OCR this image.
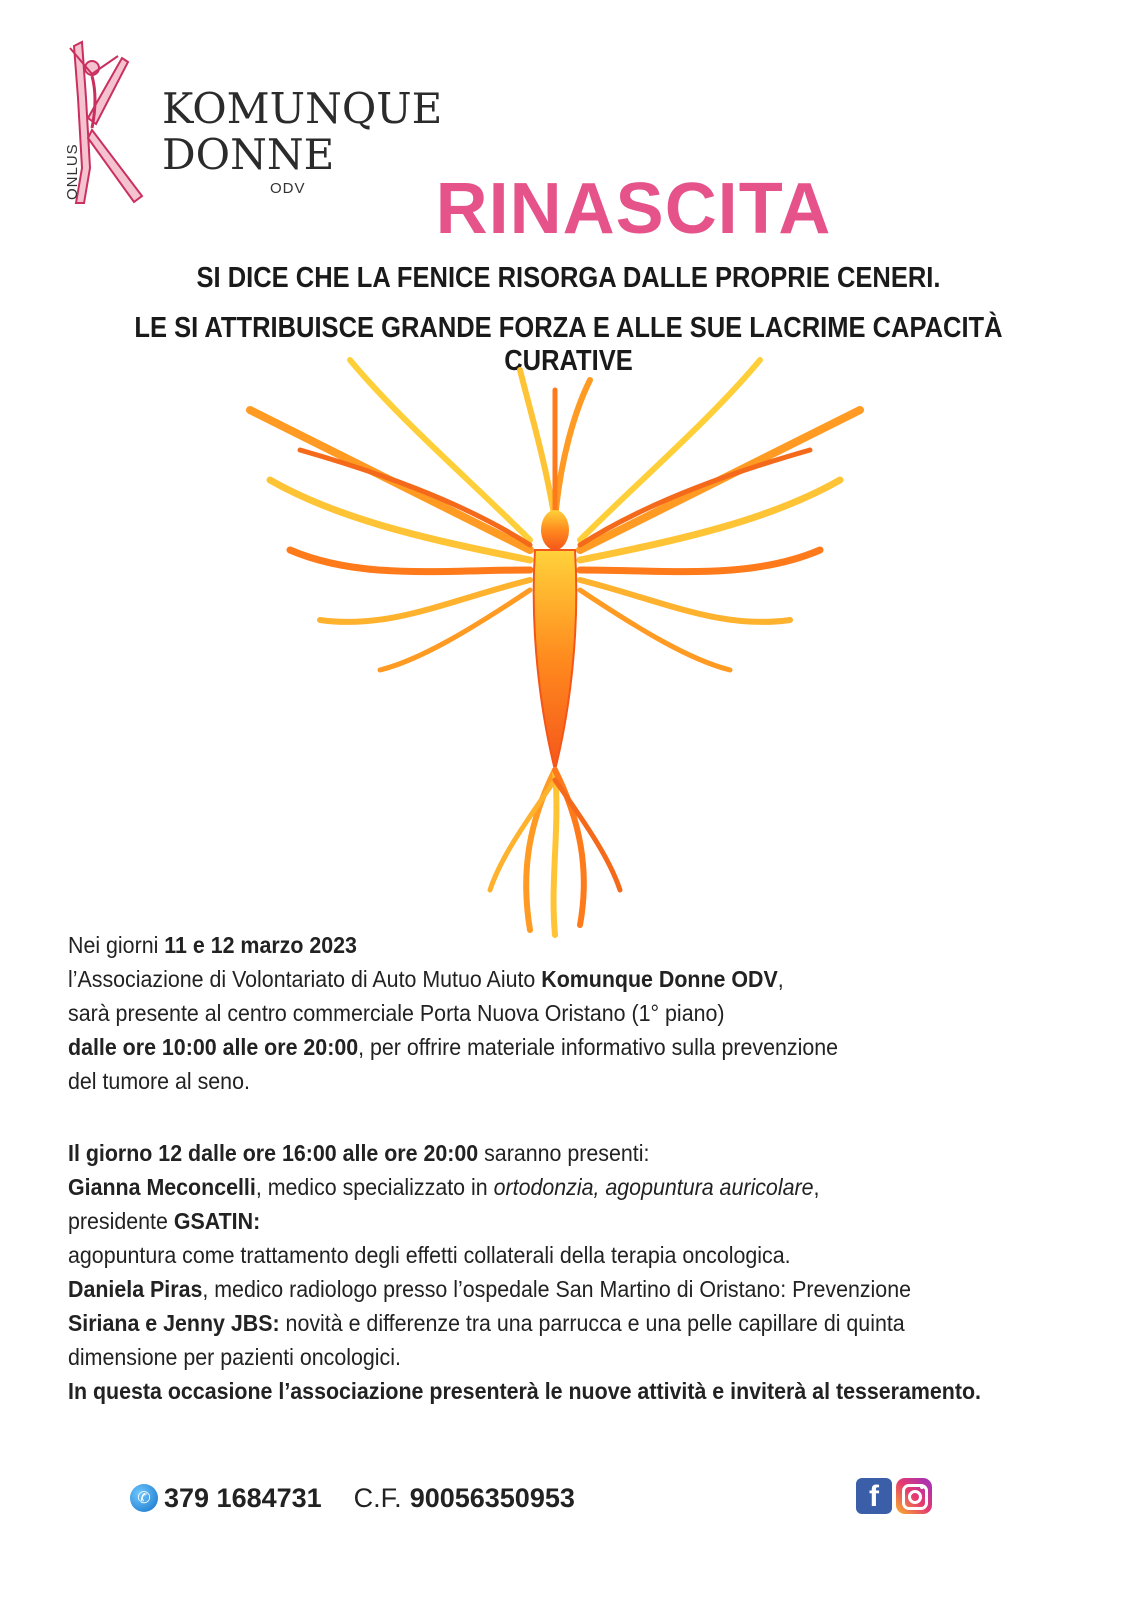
KOMUNQUE
DONNE
ODV
ONLUS	RINASCITA
SI DICE CHE LA FENICE RISORGA DALLE PROPRIE CENERI.
LE SI ATTRIBUISCE GRANDE FORZA E ALLE SUE LACRIME CAPACITÀ CURATIVE

Nei giorni 11 e 12 marzo 2023

l’Associazione di Volontariato di Auto Mutuo Aiuto Komunque Donne ODV,

sarà presente al centro commerciale Porta Nuova Oristano (1° piano)

dalle ore 10:00 alle ore 20:00, per offrire materiale informativo sulla prevenzione

del tumore al seno.

Il giorno 12 dalle ore 16:00 alle ore 20:00 saranno presenti:

Gianna Meconcelli, medico specializzato in ortodonzia, agopuntura auricolare,

presidente GSATIN:

agopuntura come trattamento degli effetti collaterali della terapia oncologica.

Daniela Piras, medico radiologo presso l’ospedale San Martino di Oristano: Prevenzione

Siriana e Jenny JBS: novità e differenze tra una parrucca e una pelle capillare di quinta

dimensione per pazienti oncologici.

In questa occasione l’associazione presenterà le nuove attività e inviterà al tesseramento.

✆ 379 1684731 C.F. 90056350953	f
